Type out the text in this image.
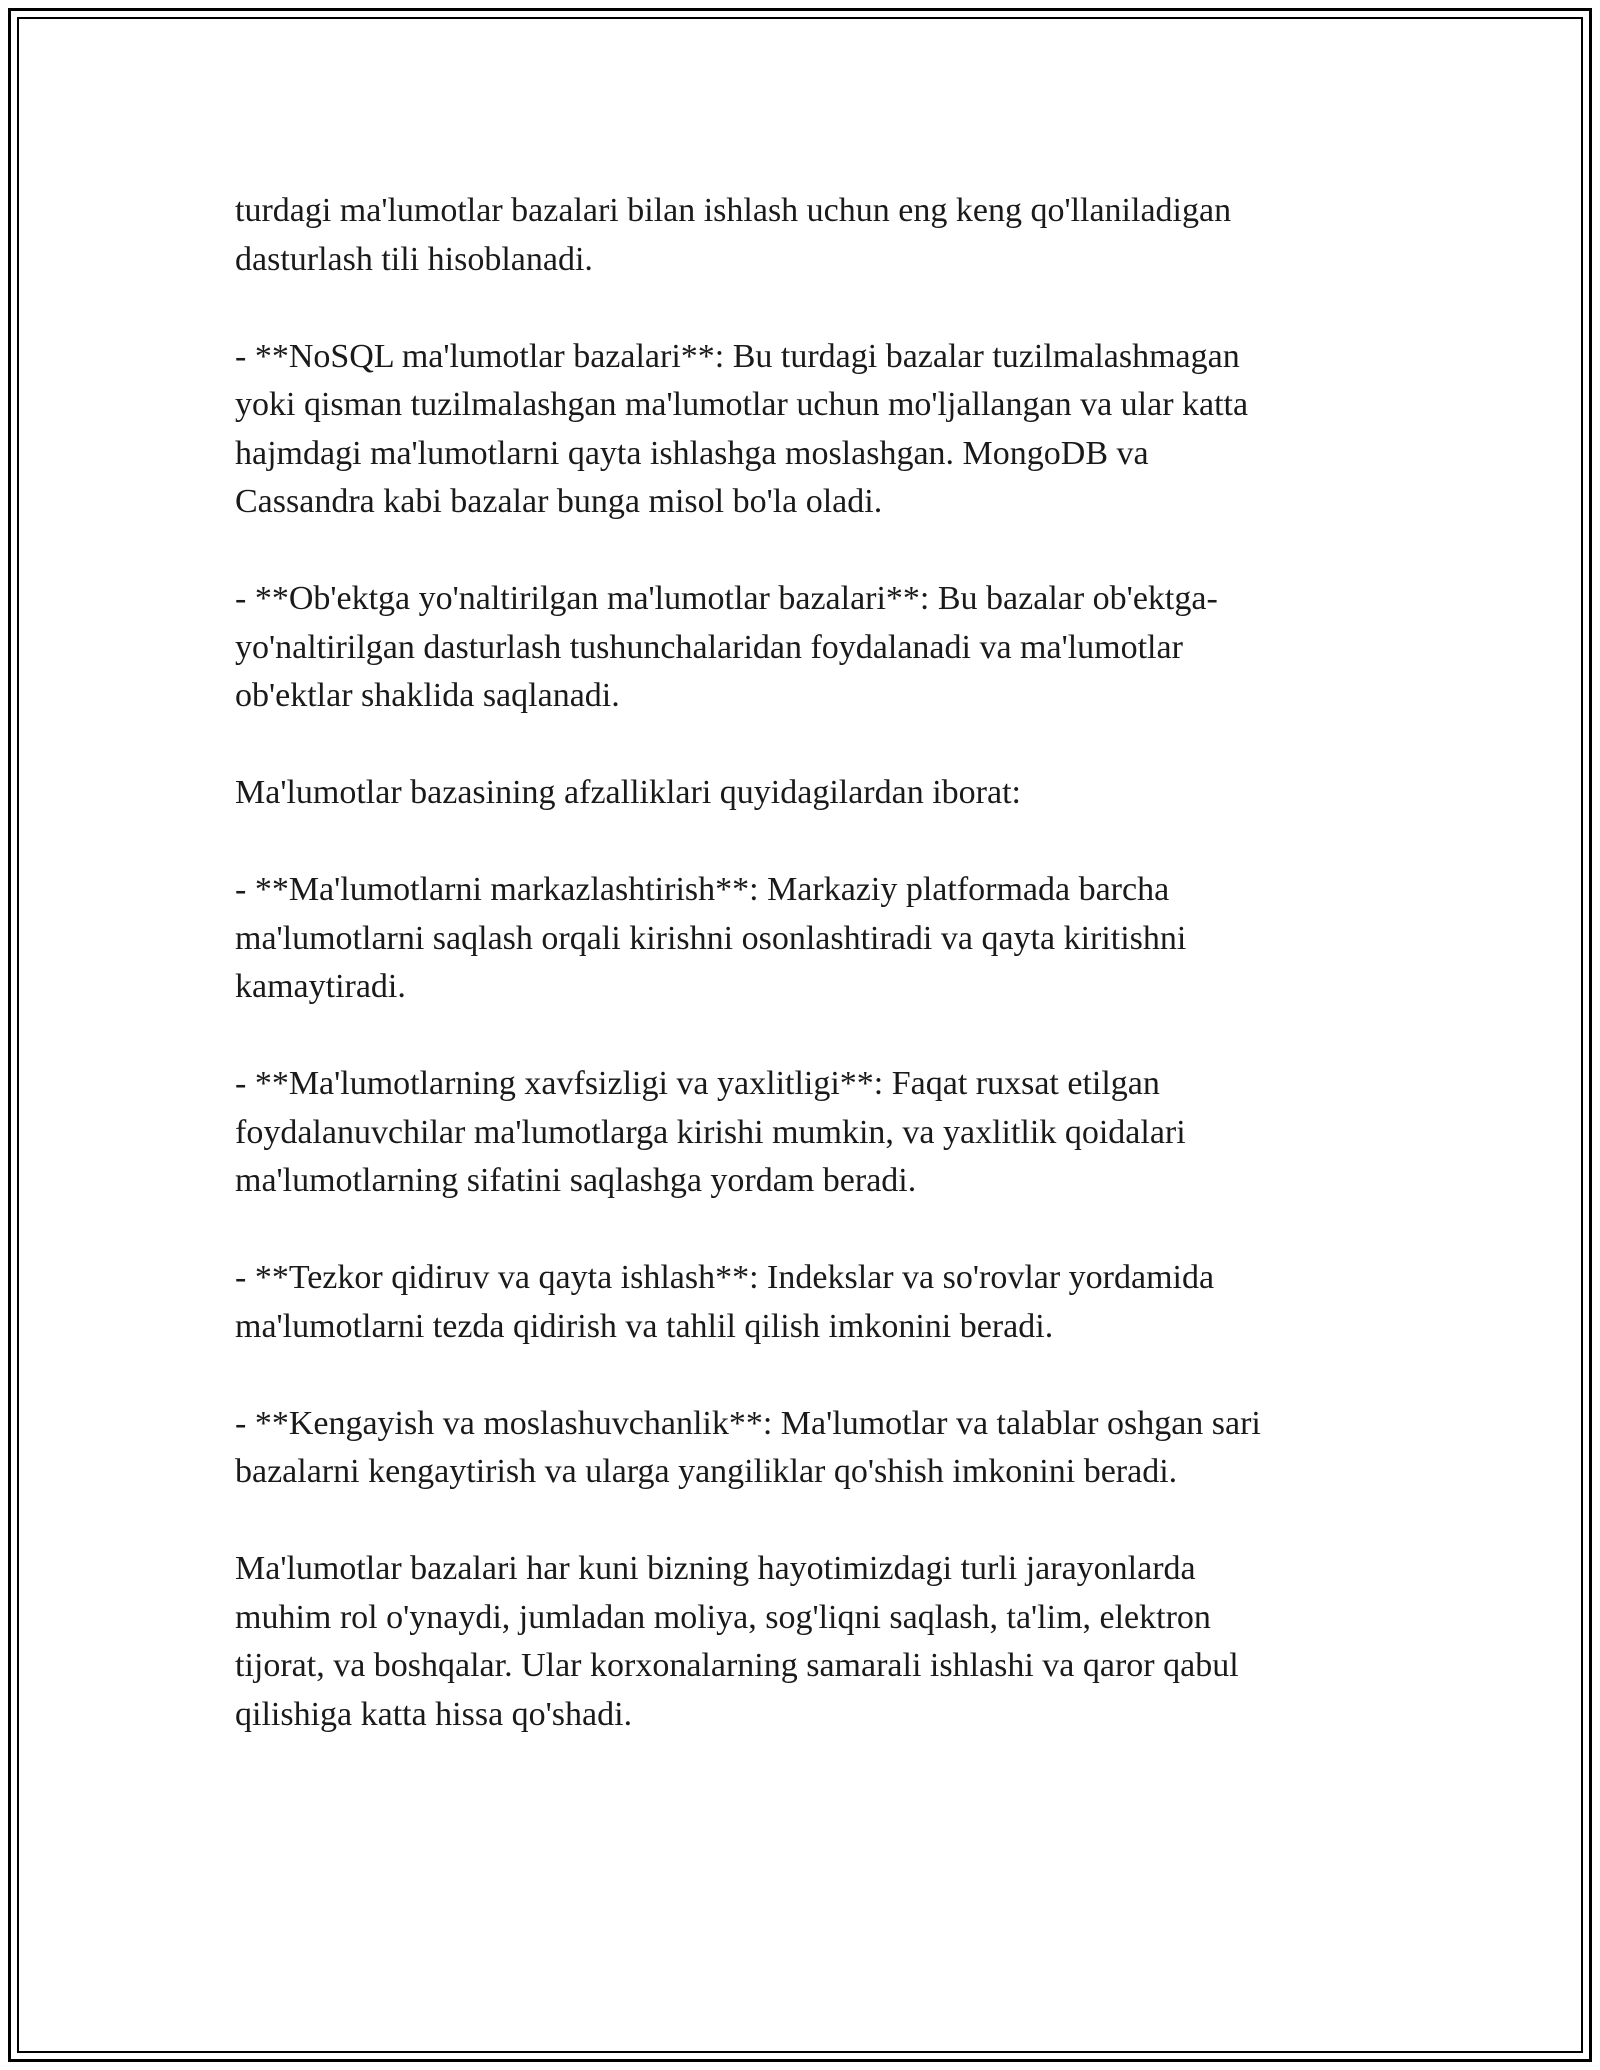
turdagi ma'lumotlar bazalari bilan ishlash uchun eng keng qo'llaniladigan
dasturlash tili hisoblanadi.

- **NoSQL ma'lumotlar bazalari**: Bu turdagi bazalar tuzilmalashmagan
yoki qisman tuzilmalashgan ma'lumotlar uchun mo'ljallangan va ular katta
hajmdagi ma'lumotlarni qayta ishlashga moslashgan. MongoDB va
Cassandra kabi bazalar bunga misol bo'la oladi.

- **Ob'ektga yo'naltirilgan ma'lumotlar bazalari**: Bu bazalar ob'ektga-
yo'naltirilgan dasturlash tushunchalaridan foydalanadi va ma'lumotlar
ob'ektlar shaklida saqlanadi.

Ma'lumotlar bazasining afzalliklari quyidagilardan iborat:

- **Ma'lumotlarni markazlashtirish**: Markaziy platformada barcha
ma'lumotlarni saqlash orqali kirishni osonlashtiradi va qayta kiritishni
kamaytiradi.

- **Ma'lumotlarning xavfsizligi va yaxlitligi**: Faqat ruxsat etilgan
foydalanuvchilar ma'lumotlarga kirishi mumkin, va yaxlitlik qoidalari
ma'lumotlarning sifatini saqlashga yordam beradi.

- **Tezkor qidiruv va qayta ishlash**: Indekslar va so'rovlar yordamida
ma'lumotlarni tezda qidirish va tahlil qilish imkonini beradi.

- **Kengayish va moslashuvchanlik**: Ma'lumotlar va talablar oshgan sari
bazalarni kengaytirish va ularga yangiliklar qo'shish imkonini beradi.

Ma'lumotlar bazalari har kuni bizning hayotimizdagi turli jarayonlarda
muhim rol o'ynaydi, jumladan moliya, sog'liqni saqlash, ta'lim, elektron
tijorat, va boshqalar. Ular korxonalarning samarali ishlashi va qaror qabul
qilishiga katta hissa qo'shadi.
